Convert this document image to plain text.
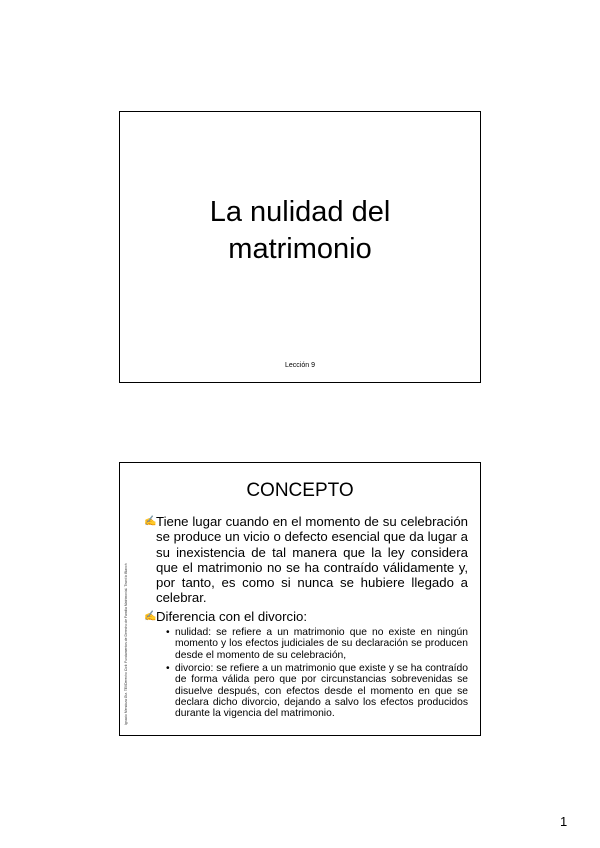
La nulidad del
matrimonio
Lección 9
CONCEPTO
Ignacio Mendoza Gtz. TEI/Derecho Civil: Fundamentos de Derecho de Familia Matrimonial. Tirant lo Blanch
✍ Tiene lugar cuando en el momento de su celebración se produce un vicio o defecto esencial que da lugar a su inexistencia de tal manera que la ley considera que el matrimonio no se ha contraído válidamente y, por tanto, es como si nunca se hubiere llegado a celebrar.
✍ Diferencia con el divorcio:
• nulidad: se refiere a un matrimonio que no existe en ningún momento y los efectos judiciales de su declaración se producen desde el momento de su celebración,
• divorcio: se refiere a un matrimonio que existe y se ha contraído de forma válida pero que por circunstancias sobrevenidas se disuelve después, con efectos desde el momento en que se declara dicho divorcio, dejando a salvo los efectos producidos durante la vigencia del matrimonio.
1
